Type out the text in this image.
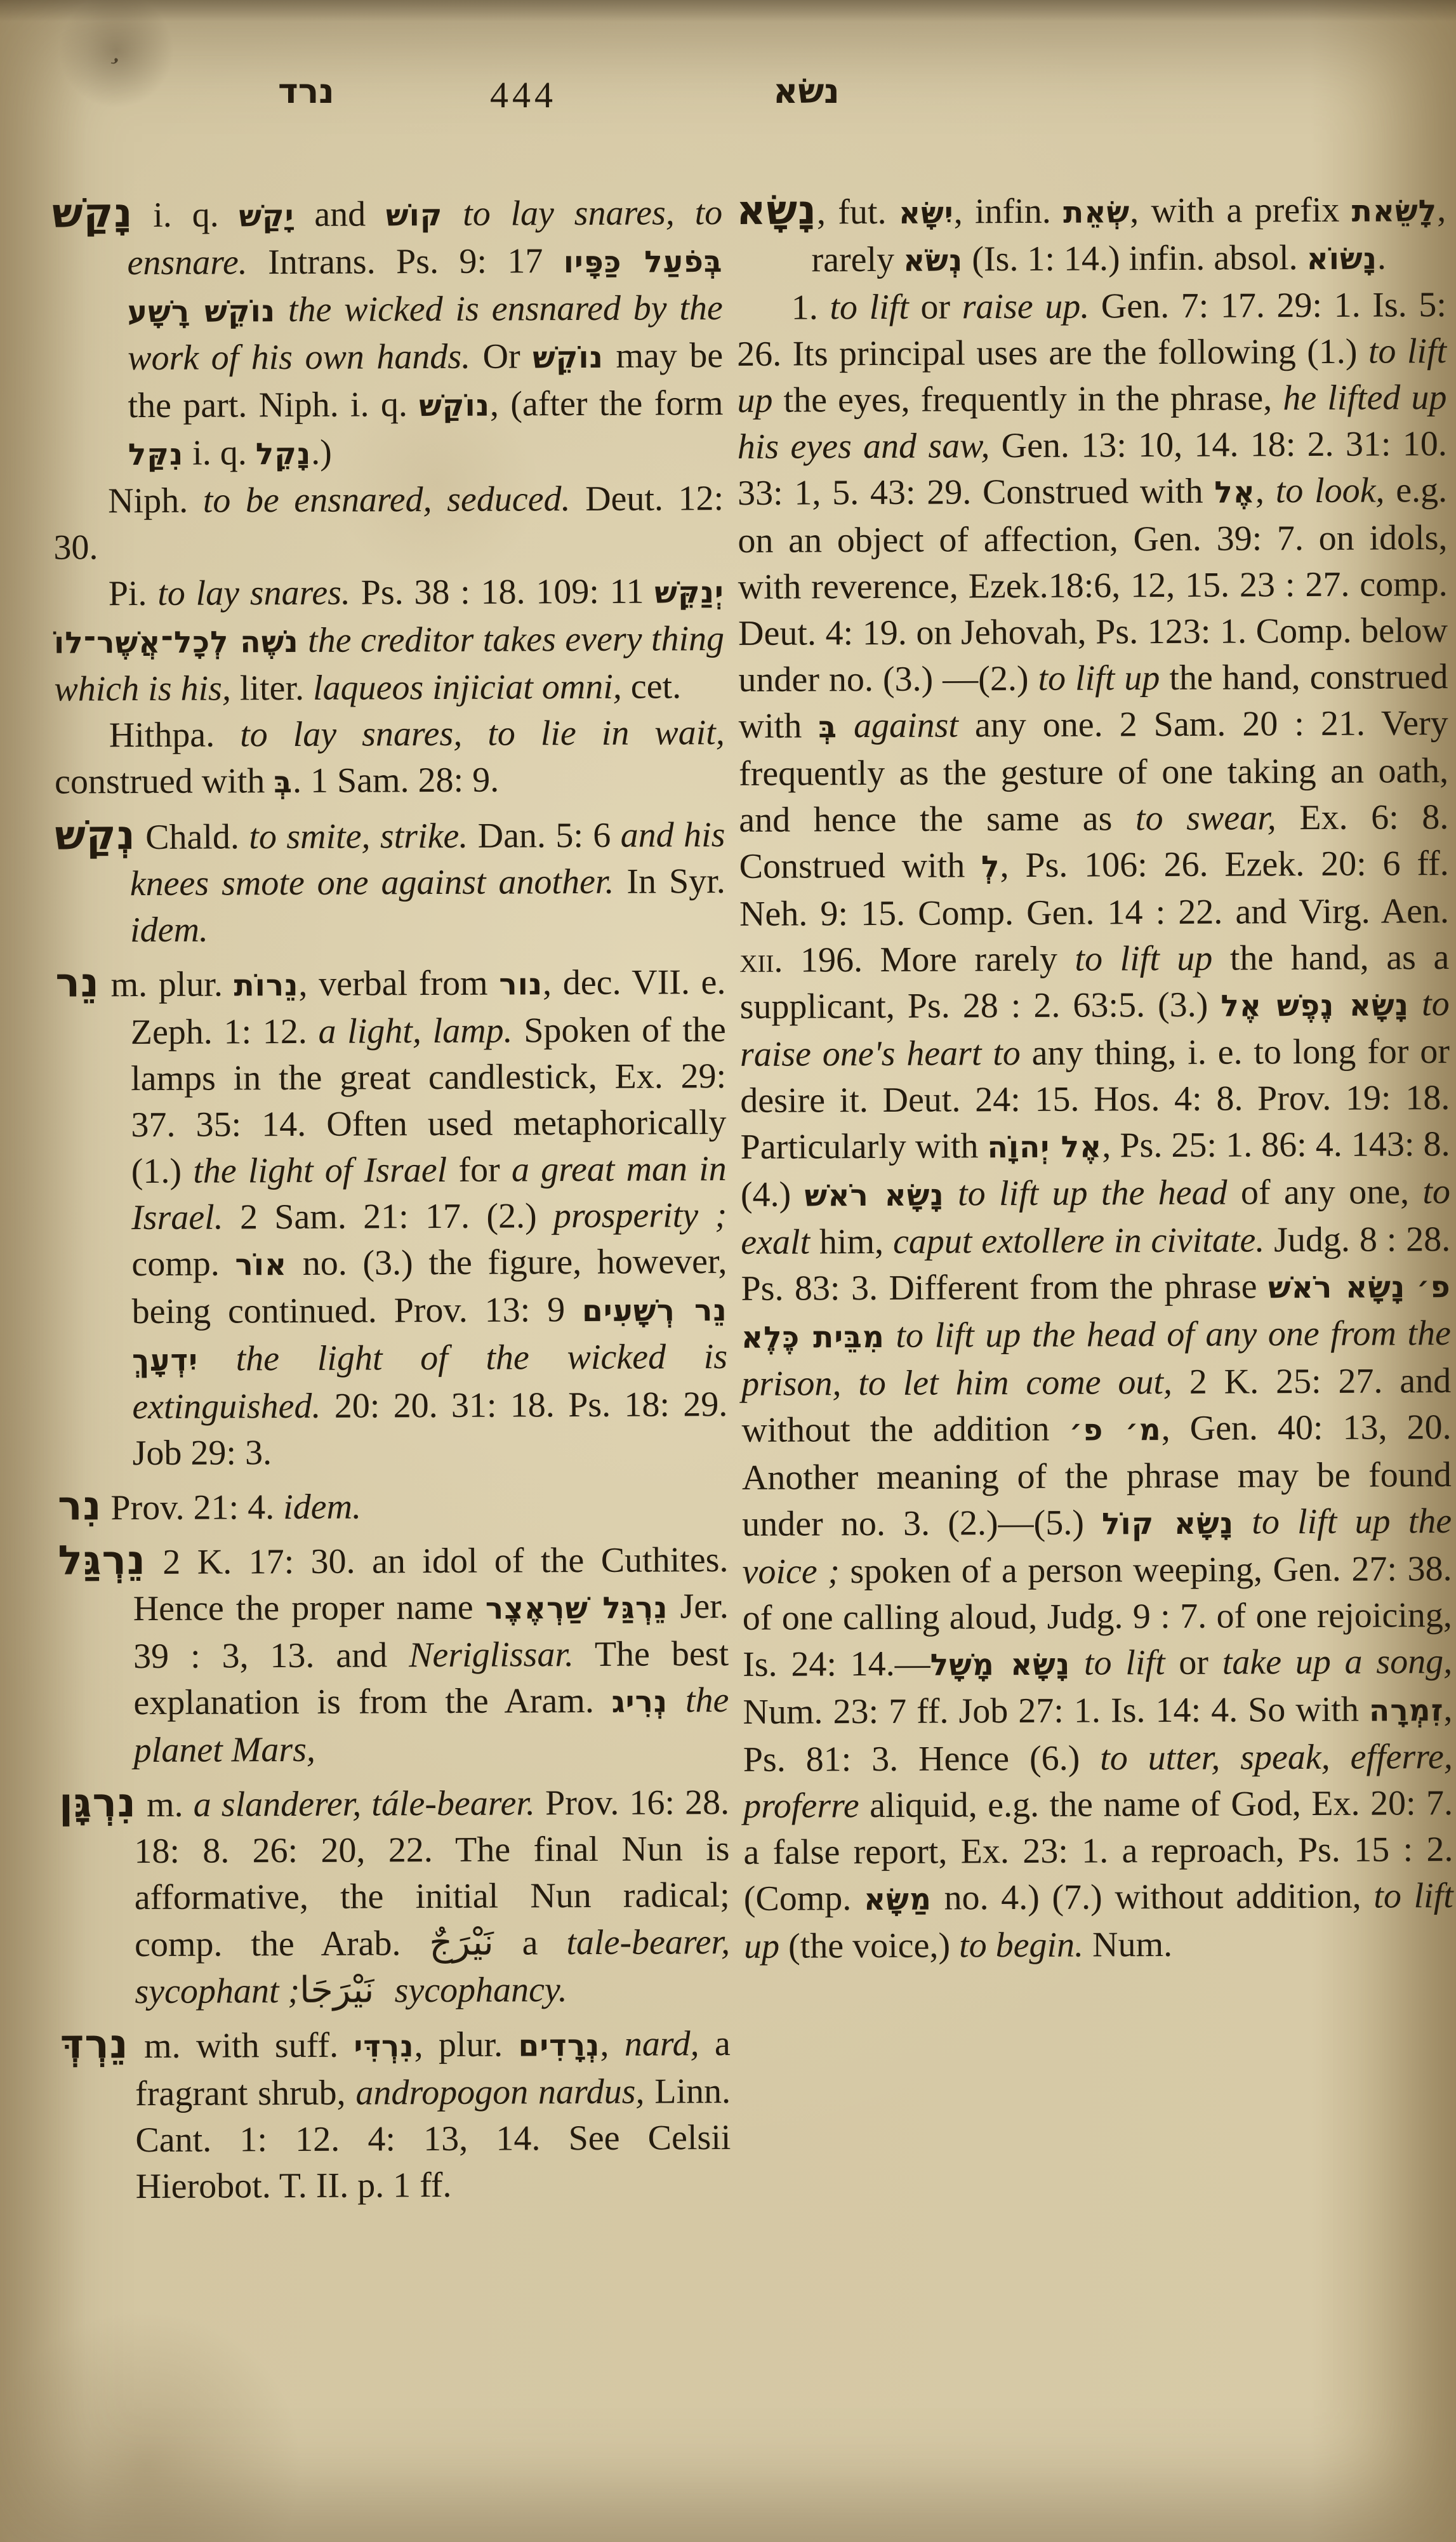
’
נרד	444	נשׂא

נָקַשׁ i. q. יָקַשׁ and קוֹשׁ to lay snares, to ensnare. Intrans. Ps. 9: 17 בְּפֹעַל כַּפָּיו נוֹקֵשׁ רָשָׁע the wicked is ensnared by the work of his own hands. Or נוֹקֵשׁ may be the part. Niph. i. q. נוֹקַשׁ, (after the form נִקַּל i. q. נָקֵל.)

Niph. to be ensnared, seduced. Deut. 12: 30.

Pi. to lay snares. Ps. 38 : 18. 109: 11 יְנַקֵּשׁ נֹשֶׁה לְכָל־אֲשֶׁר־לוֹ the creditor takes every thing which is his, liter. laqueos injiciat omni, cet.

Hithpa. to lay snares, to lie in wait, construed with בְּ. 1 Sam. 28: 9.

נְקַשׁ Chald. to smite, strike. Dan. 5: 6 and his knees smote one against another. In Syr. idem.

נֵר m. plur. נֵרוֹת, verbal from נור, dec. VII. e. Zeph. 1: 12. a light, lamp. Spoken of the lamps in the great candlestick, Ex. 29: 37. 35: 14. Often used metaphorically (1.) the light of Israel for a great man in Israel. 2 Sam. 21: 17. (2.) prosperity ; comp. אוֹר no. (3.) the figure, however, being continued. Prov. 13: 9 נֵר רְשָׁעִים יִדְעָךְ the light of the wicked is extinguished. 20: 20. 31: 18. Ps. 18: 29. Job 29: 3.

נִר Prov. 21: 4. idem.

נֵרְגַּל 2 K. 17: 30. an idol of the Cuthites. Hence the proper name נֵרְגַּל שַׁרְאֶצֶר Jer. 39 : 3, 13. and Neriglissar. The best explanation is from the Aram. נְרִיג the planet Mars,

נִרְגָּן m. a slanderer, tále-bearer. Prov. 16: 28. 18: 8. 26: 20, 22. The final Nun is afformative, the initial Nun radical; comp. the Arab. نَيْرَجٌ a tale-bearer, sycophant ; نَيْرَجَا sycophancy.

נֵרְדְּ m. with suff. נִרְדִּי, plur. נְרָדִים, nard, a fragrant shrub, andropogon nardus, Linn. Cant. 1: 12. 4: 13, 14. See Celsii Hierobot. T. II. p. 1 ff.

נָשָׂא, fut. יִשָּׂא, infin. שְׂאֵת, with a prefix לָשֵׂאת, rarely נְשֹׂא (Is. 1: 14.) infin. absol. נָשׂוֹא.

1. to lift or raise up. Gen. 7: 17. 29: 1. Is. 5: 26. Its principal uses are the following (1.) to lift up the eyes, frequently in the phrase, he lifted up his eyes and saw, Gen. 13: 10, 14. 18: 2. 31: 10. 33: 1, 5. 43: 29. Construed with אֶל, to look, e.g. on an object of affection, Gen. 39: 7. on idols, with reverence, Ezek.18:6, 12, 15. 23 : 27. comp. Deut. 4: 19. on Jehovah, Ps. 123: 1. Comp. below under no. (3.) —(2.) to lift up the hand, construed with בְּ against any one. 2 Sam. 20 : 21. Very frequently as the gesture of one taking an oath, and hence the same as to swear, Ex. 6: 8. Construed with לְ, Ps. 106: 26. Ezek. 20: 6 ff. Neh. 9: 15. Comp. Gen. 14 : 22. and Virg. Aen. xii. 196. More rarely to lift up the hand, as a supplicant, Ps. 28 : 2. 63:5. (3.) נָשָׂא נֶפֶשׁ אֶל to raise one's heart to any thing, i. e. to long for or desire it. Deut. 24: 15. Hos. 4: 8. Prov. 19: 18. Particularly with אֶל יְהוָֹה, Ps. 25: 1. 86: 4. 143: 8. (4.) נָשָׂא רֹאשׁ to lift up the head of any one, to exalt him, caput extollere in civitate. Judg. 8 : 28. Ps. 83: 3. Different from the phrase נָשָׂא רֹאשׁ פ׳ מִבֵּית כֶּלֶא to lift up the head of any one from the prison, to let him come out, 2 K. 25: 27. and without the addition מ׳ פ׳, Gen. 40: 13, 20. Another meaning of the phrase may be found under no. 3. (2.)—(5.) נָשָׂא קוֹל to lift up the voice ; spoken of a person weeping, Gen. 27: 38. of one calling aloud, Judg. 9 : 7. of one rejoicing, Is. 24: 14.—נָשָׂא מָשָׁל to lift or take up a song, Num. 23: 7 ff. Job 27: 1. Is. 14: 4. So with זִמְרָה, Ps. 81: 3. Hence (6.) to utter, speak, efferre, proferre aliquid, e.g. the name of God, Ex. 20: 7. a false report, Ex. 23: 1. a reproach, Ps. 15 : 2. (Comp. מַשָּׂא no. 4.) (7.) without addition, to lift up (the voice,) to begin. Num.
